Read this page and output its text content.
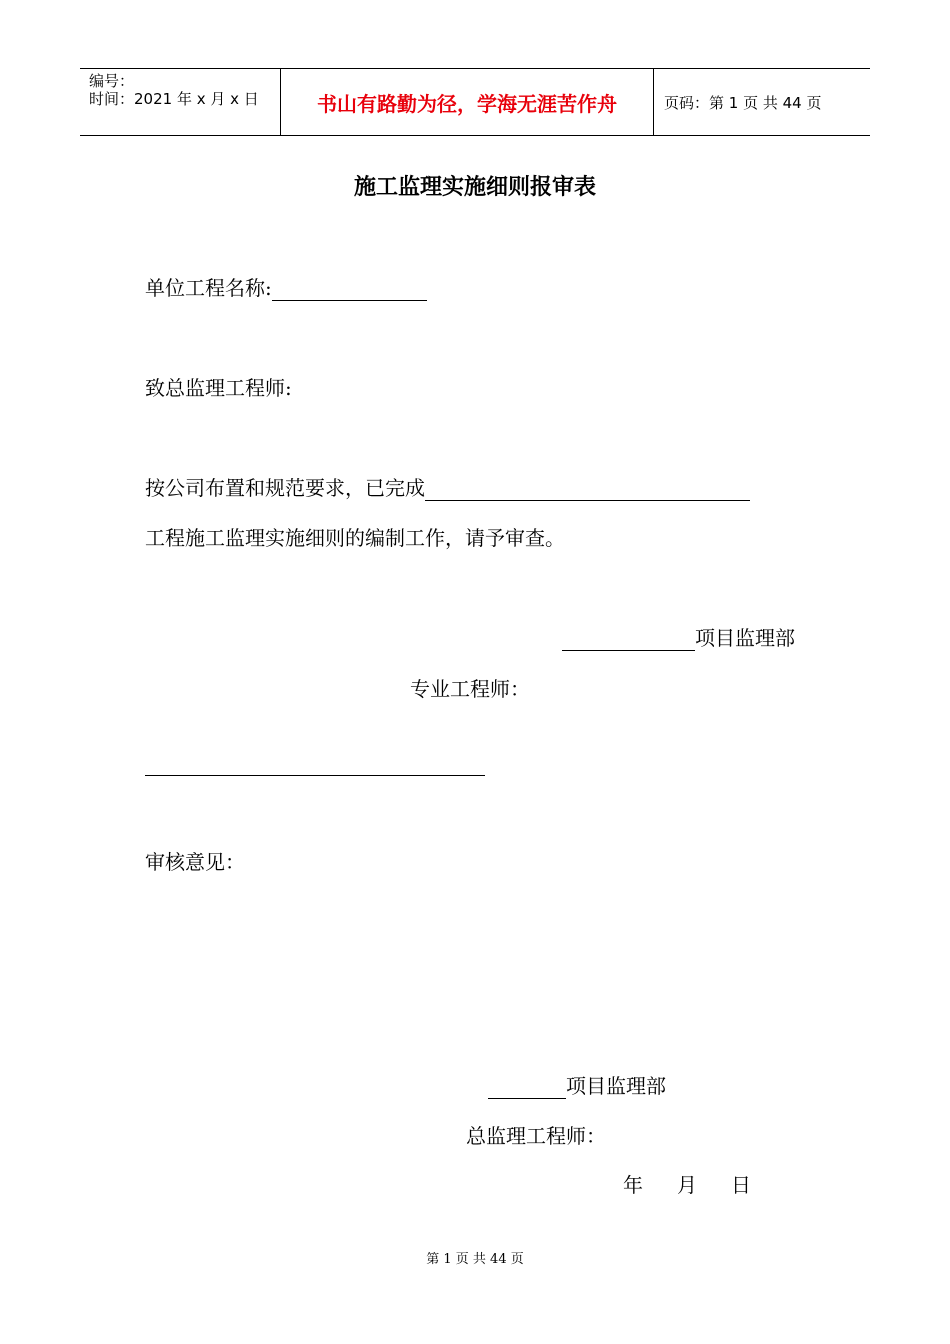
编号：
时间：2021 年 x 月 x 日	书山有路勤为径，学海无涯苦作舟	页码：第 1 页 共 44 页
施工监理实施细则报审表
单位工程名称:
致总监理工程师:
按公司布置和规范要求，已完成
工程施工监理实施细则的编制工作，请予审查。
项目监理部
专业工程师：
审核意见：
项目监理部
总监理工程师：
年 月 日
第 1 页 共 44 页
